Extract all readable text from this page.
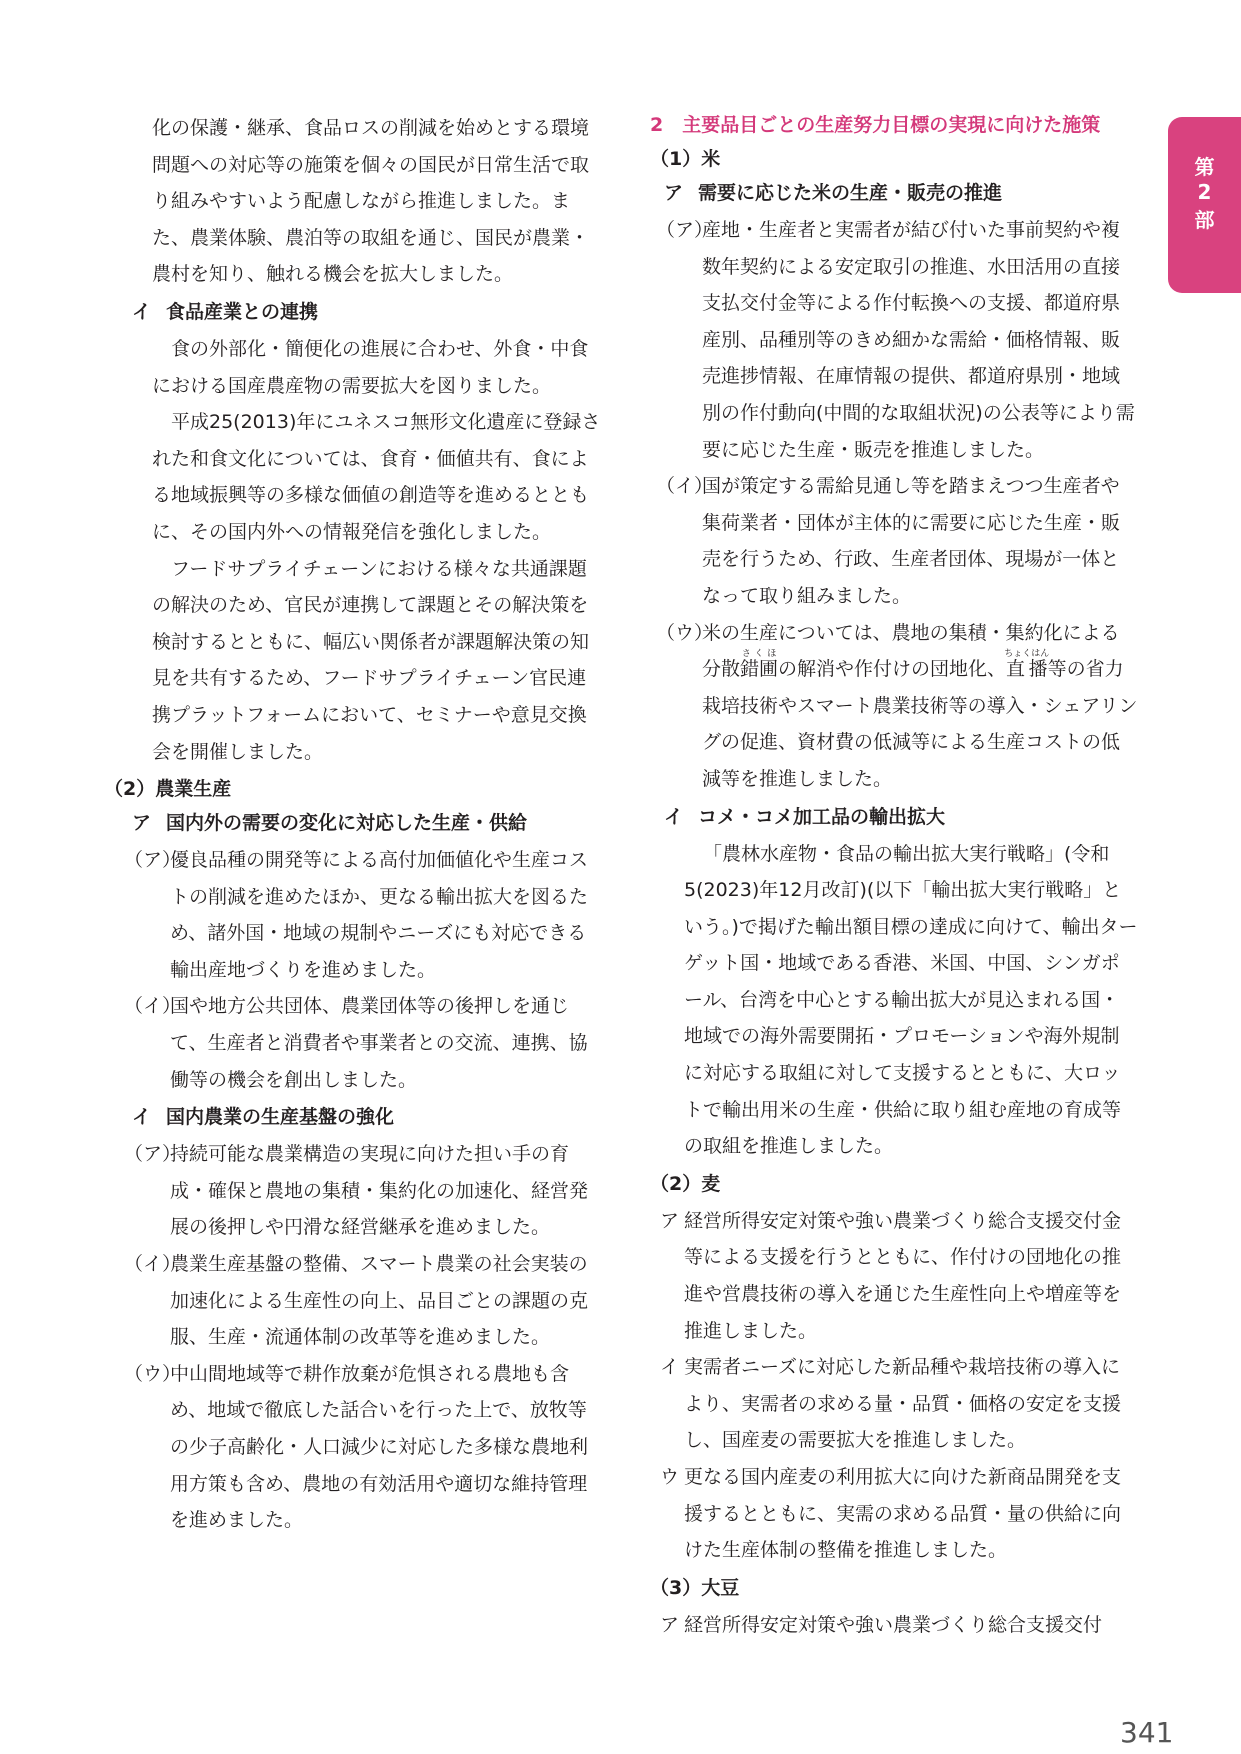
第
2
部
化の保護・継承、食品ロスの削減を始めとする環境問題への対応等の施策を個々の国民が日常生活で取り組みやすいよう配慮しながら推進しました。また、農業体験、農泊等の取組を通じ、国民が農業・農村を知り、触れる機会を拡大しました。
イ 食品産業との連携
食の外部化・簡便化の進展に合わせ、外食・中食における国産農産物の需要拡大を図りました。
平成25(2013)年にユネスコ無形文化遺産に登録された和食文化については、食育・価値共有、食による地域振興等の多様な価値の創造等を進めるとともに、その国内外への情報発信を強化しました。
フードサプライチェーンにおける様々な共通課題の解決のため、官民が連携して課題とその解決策を検討するとともに、幅広い関係者が課題解決策の知見を共有するため、フードサプライチェーン官民連携プラットフォームにおいて、セミナーや意見交換会を開催しました。
（2）農業生産
ア 国内外の需要の変化に対応した生産・供給
（ア）
優良品種の開発等による高付加価値化や生産コストの削減を進めたほか、更なる輸出拡大を図るため、諸外国・地域の規制やニーズにも対応できる輸出産地づくりを進めました。
（イ）
国や地方公共団体、農業団体等の後押しを通じて、生産者と消費者や事業者との交流、連携、協働等の機会を創出しました。
イ 国内農業の生産基盤の強化
（ア）
持続可能な農業構造の実現に向けた担い手の育成・確保と農地の集積・集約化の加速化、経営発展の後押しや円滑な経営継承を進めました。
（イ）
農業生産基盤の整備、スマート農業の社会実装の加速化による生産性の向上、品目ごとの課題の克服、生産・流通体制の改革等を進めました。
（ウ）
中山間地域等で耕作放棄が危惧される農地も含め、地域で徹底した話合いを行った上で、放牧等の少子高齢化・人口減少に対応した多様な農地利用方策も含め、農地の有効活用や適切な維持管理を進めました。
2　主要品目ごとの生産努力目標の実現に向けた施策
（1）米
ア 需要に応じた米の生産・販売の推進
（ア）
産地・生産者と実需者が結び付いた事前契約や複数年契約による安定取引の推進、水田活用の直接支払交付金等による作付転換への支援、都道府県産別、品種別等のきめ細かな需給・価格情報、販売進捗情報、在庫情報の提供、都道府県別・地域別の作付動向(中間的な取組状況)の公表等により需要に応じた生産・販売を推進しました。
（イ）
国が策定する需給見通し等を踏まえつつ生産者や集荷業者・団体が主体的に需要に応じた生産・販売を行うため、行政、生産者団体、現場が一体となって取り組みました。
（ウ）
米の生産については、農地の集積・集約化による分散錯圃さくほの解消や作付けの団地化、直播ちょくはん等の省力栽培技術やスマート農業技術等の導入・シェアリングの促進、資材費の低減等による生産コストの低減等を推進しました。
イ コメ・コメ加工品の輸出拡大
「農林水産物・食品の輸出拡大実行戦略」(令和5(2023)年12月改訂)(以下「輸出拡大実行戦略」という。)で掲げた輸出額目標の達成に向けて、輸出ターゲット国・地域である香港、米国、中国、シンガポール、台湾を中心とする輸出拡大が見込まれる国・地域での海外需要開拓・プロモーションや海外規制に対応する取組に対して支援するとともに、大ロットで輸出用米の生産・供給に取り組む産地の育成等の取組を推進しました。
（2）麦
ア 経営所得安定対策や強い農業づくり総合支援交付金等による支援を行うとともに、作付けの団地化の推進や営農技術の導入を通じた生産性向上や増産等を推進しました。
イ 実需者ニーズに対応した新品種や栽培技術の導入により、実需者の求める量・品質・価格の安定を支援し、国産麦の需要拡大を推進しました。
ウ 更なる国内産麦の利用拡大に向けた新商品開発を支援するとともに、実需の求める品質・量の供給に向けた生産体制の整備を推進しました。
（3）大豆
ア 経営所得安定対策や強い農業づくり総合支援交付
341
